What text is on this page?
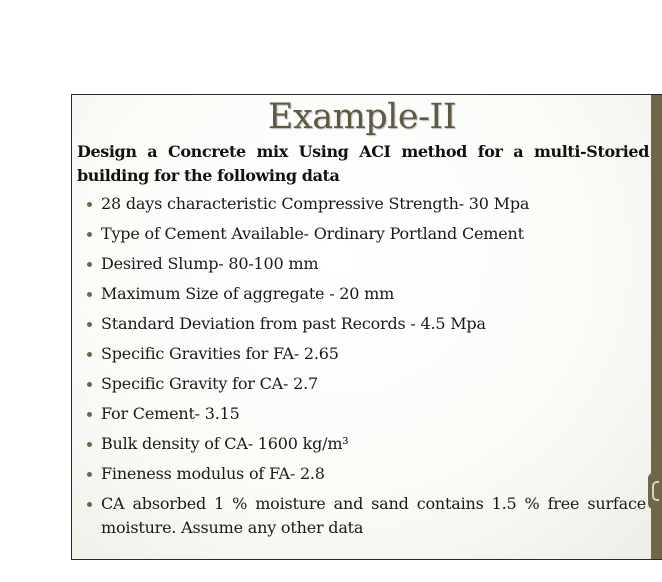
Example-II
Design a Concrete mix Using ACI method for a multi-Storied building for the following data
28 days characteristic Compressive Strength- 30 Mpa
Type of Cement Available- Ordinary Portland Cement
Desired Slump- 80-100 mm
Maximum Size of aggregate - 20 mm
Standard Deviation from past Records - 4.5 Mpa
Specific Gravities for FA- 2.65
Specific Gravity for CA- 2.7
For Cement- 3.15
Bulk density of CA- 1600 kg/m³
Fineness modulus of FA- 2.8
CA absorbed 1 % moisture and sand contains 1.5 % free surface moisture. Assume any other data
